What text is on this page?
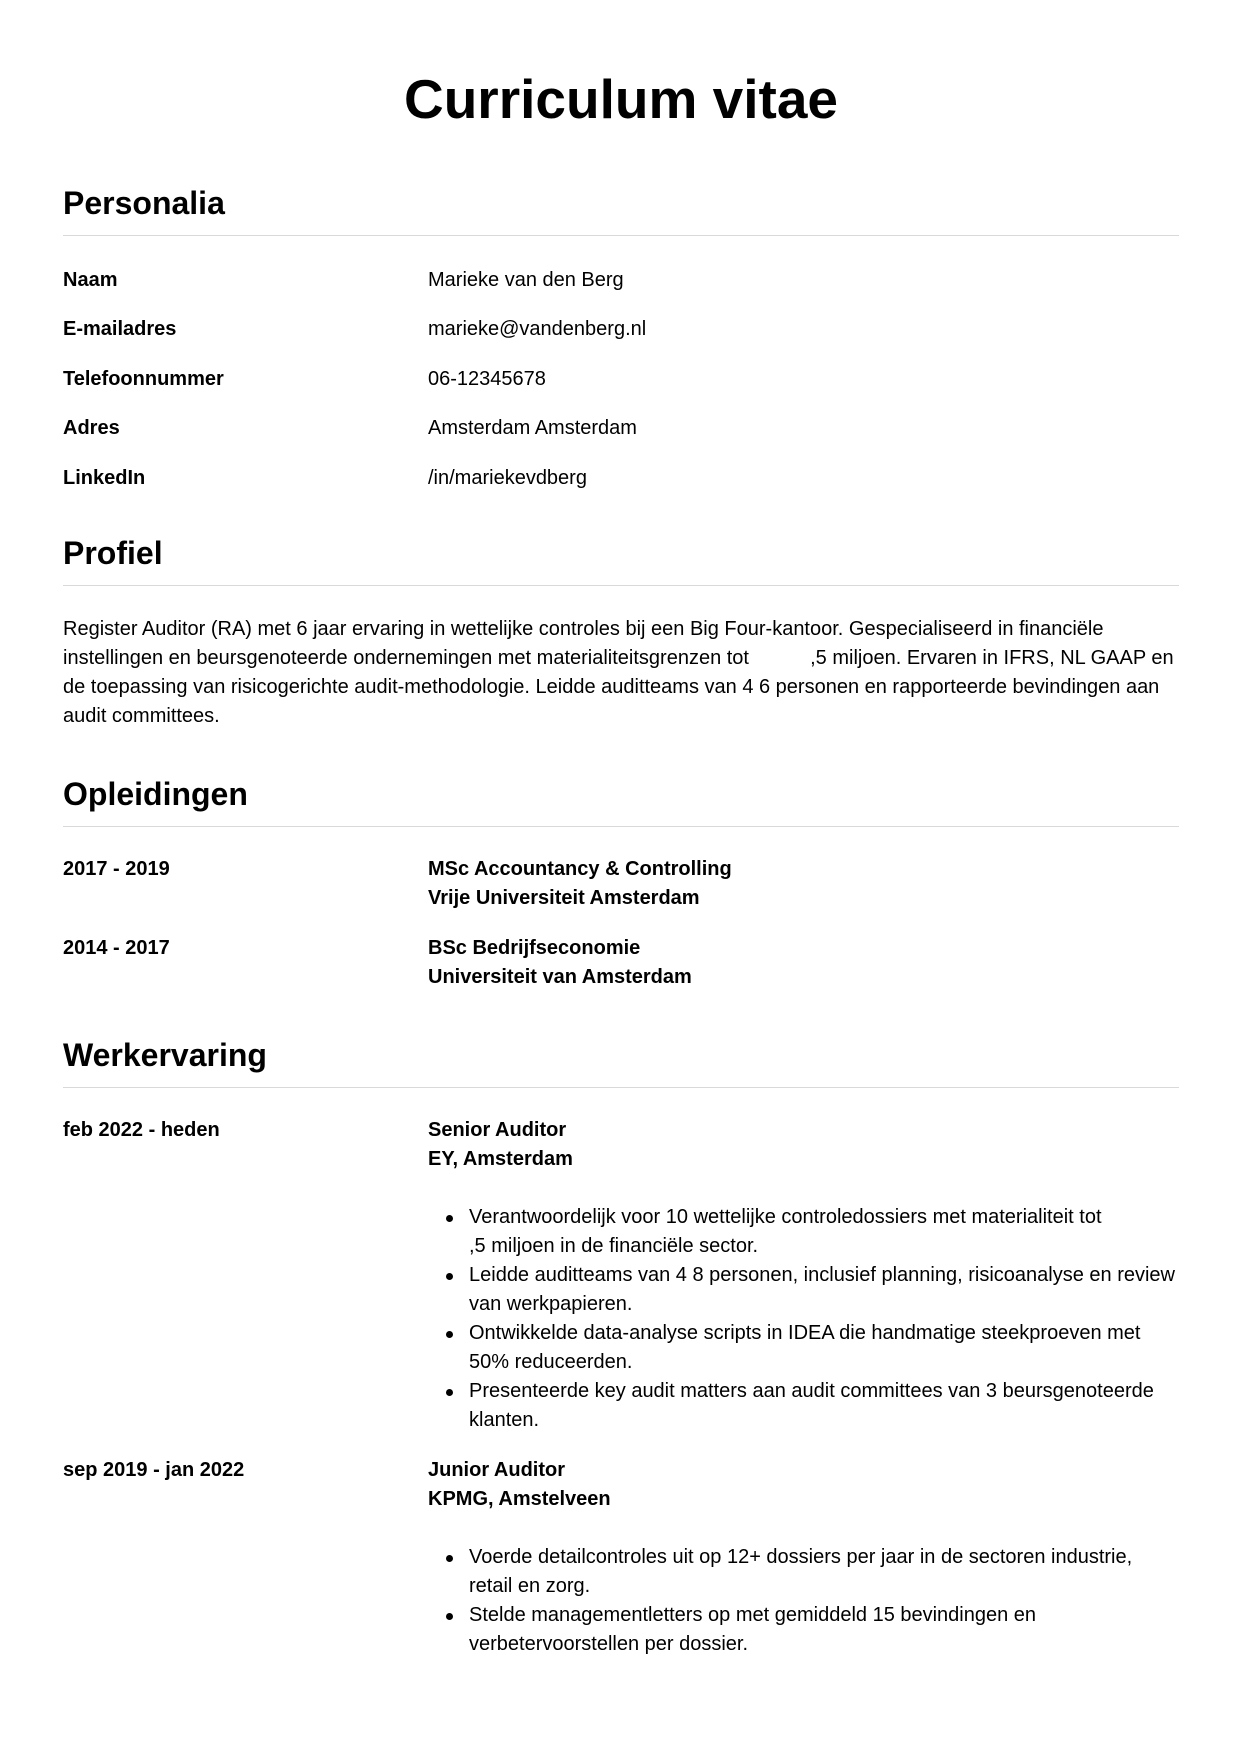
Curriculum vitae
Personalia
Naam	Marieke van den Berg
E-mailadres	marieke@vandenberg.nl
Telefoonnummer	06-12345678
Adres	Amsterdam Amsterdam
LinkedIn	/in/mariekevdberg
Profiel

Register Auditor (RA) met 6 jaar ervaring in wettelijke controles bij een Big Four-kantoor. Gespecialiseerd in financiële instellingen en beursgenoteerde ondernemingen met materialiteitsgrenzen tot           ,5 miljoen. Ervaren in IFRS, NL GAAP en de toepassing van risicogerichte audit-methodologie. Leidde auditteams van 4 6 personen en rapporteerde bevindingen aan audit committees.

Opleidingen
2017 - 2019	MSc Accountancy & Controlling
Vrije Universiteit Amsterdam
2014 - 2017	BSc Bedrijfseconomie
Universiteit van Amsterdam
Werkervaring
feb 2022 - heden	Senior Auditor
EY, Amsterdam
Verantwoordelijk voor 10 wettelijke controledossiers met materialiteit tot           ,5 miljoen in de financiële sector.
Leidde auditteams van 4 8 personen, inclusief planning, risicoanalyse en review van werkpapieren.
Ontwikkelde data-analyse scripts in IDEA die handmatige steekproeven met 50% reduceerden.
Presenteerde key audit matters aan audit committees van 3 beursgenoteerde klanten.
sep 2019 - jan 2022	Junior Auditor
KPMG, Amstelveen
Voerde detailcontroles uit op 12+ dossiers per jaar in de sectoren industrie, retail en zorg.
Stelde managementletters op met gemiddeld 15 bevindingen en verbetervoorstellen per dossier.
